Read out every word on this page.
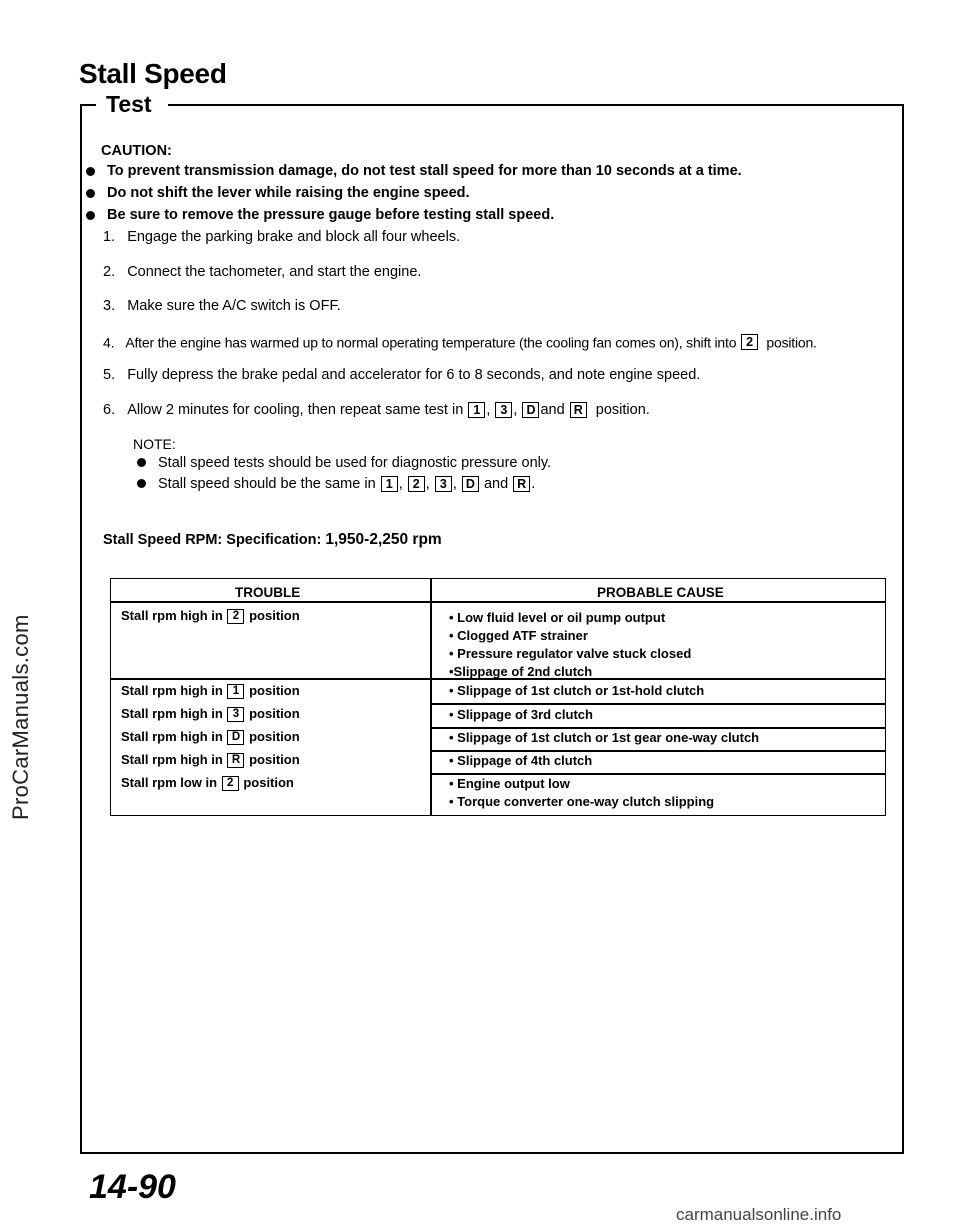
Stall Speed
Test
CAUTION:
To prevent transmission damage, do not test stall speed for more than 10 seconds at a time.
Do not shift the lever while raising the engine speed.
Be sure to remove the pressure gauge before testing stall speed.
1. Engage the parking brake and block all four wheels.
2. Connect the tachometer, and start the engine.
3. Make sure the A/C switch is OFF.
4. After the engine has warmed up to normal operating temperature (the cooling fan comes on), shift into 2 position.
5. Fully depress the brake pedal and accelerator for 6 to 8 seconds, and note engine speed.
6. Allow 2 minutes for cooling, then repeat same test in 1 , 3 , D and R position.
NOTE:
Stall speed tests should be used for diagnostic pressure only.
Stall speed should be the same in
1 , 2 , 3 , D
and
R .
Stall Speed RPM: Specification: 1,950-2,250 rpm
TROUBLE	PROBABLE CAUSE
Stall rpm high in 2 position	• Low fluid level or oil pump output
• Clogged ATF strainer
• Pressure regulator valve stuck closed
•Slippage of 2nd clutch
Stall rpm high in 1 position	• Slippage of 1st clutch or 1st-hold clutch
Stall rpm high in 3 position	• Slippage of 3rd clutch
Stall rpm high in D position	• Slippage of 1st clutch or 1st gear one-way clutch
Stall rpm high in R position	• Slippage of 4th clutch
Stall rpm low in 2 position	• Engine output low
• Torque converter one-way clutch slipping
ProCarManuals.com
14-90
carmanualsonline.info
